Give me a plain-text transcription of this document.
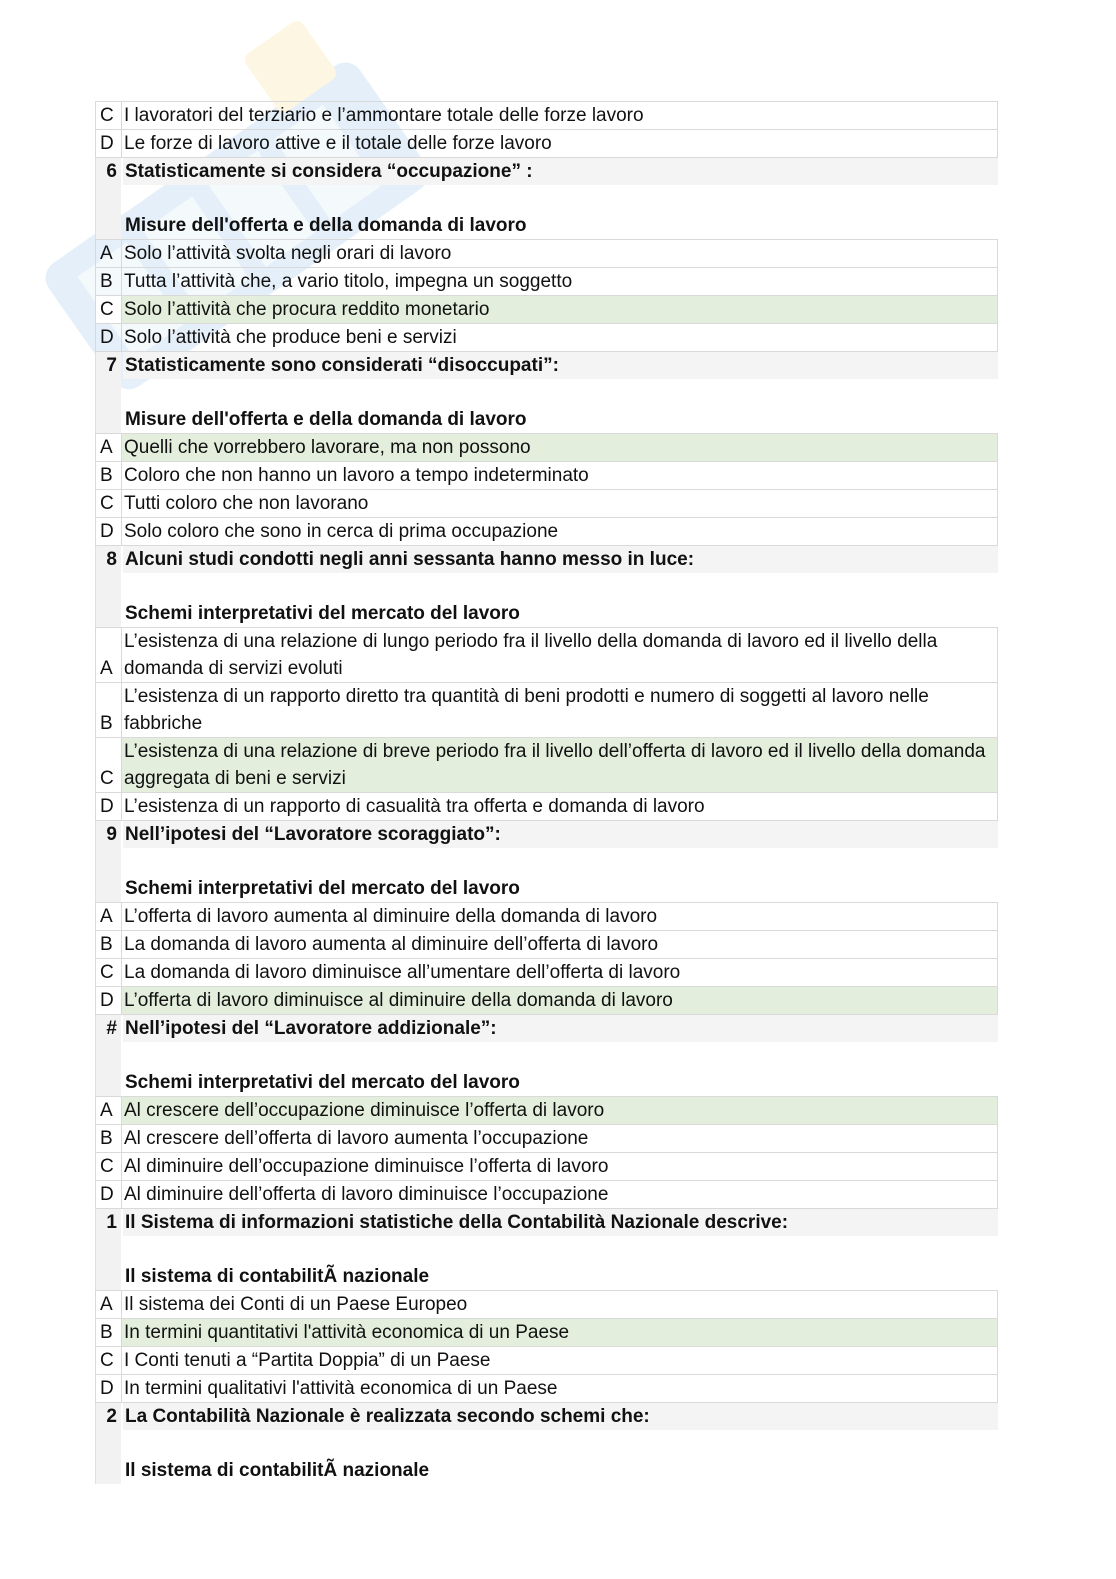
C I lavoratori del terziario e l’ammontare totale delle forze lavoro
D Le forze di lavoro attive e il totale delle forze lavoro
6 Statisticamente si considera “occupazione” :
Misure dell'offerta e della domanda di lavoro
A Solo l’attività svolta negli orari di lavoro
B Tutta l’attività che, a vario titolo, impegna un soggetto
C Solo l’attività che procura reddito monetario
D Solo l’attività che produce beni e servizi
7 Statisticamente sono considerati “disoccupati”:
Misure dell'offerta e della domanda di lavoro
A Quelli che vorrebbero lavorare, ma non possono
B Coloro che non hanno un lavoro a tempo indeterminato
C Tutti coloro che non lavorano
D Solo coloro che sono in cerca di prima occupazione
8 Alcuni studi condotti negli anni sessanta hanno messo in luce:
Schemi interpretativi del mercato del lavoro
A
L’esistenza di una relazione di lungo periodo fra il livello della domanda di lavoro ed il livello della domanda di servizi evoluti
B
L’esistenza di un rapporto diretto tra quantità di beni prodotti e numero di soggetti al lavoro nelle fabbriche
C
L’esistenza di una relazione di breve periodo fra il livello dell’offerta di lavoro ed il livello della domanda aggregata di beni e servizi
D L’esistenza di un rapporto di casualità tra offerta e domanda di lavoro
9 Nell’ipotesi del “Lavoratore scoraggiato”:
Schemi interpretativi del mercato del lavoro
A L’offerta di lavoro aumenta al diminuire della domanda di lavoro
B La domanda di lavoro aumenta al diminuire dell’offerta di lavoro
C La domanda di lavoro diminuisce all’umentare dell’offerta di lavoro
D L’offerta di lavoro diminuisce al diminuire della domanda di lavoro
# Nell’ipotesi del “Lavoratore addizionale”:
Schemi interpretativi del mercato del lavoro
A Al crescere dell’occupazione diminuisce l’offerta di lavoro
B Al crescere dell’offerta di lavoro aumenta l’occupazione
C Al diminuire dell’occupazione diminuisce l’offerta di lavoro
D Al diminuire dell’offerta di lavoro diminuisce l’occupazione
1 Il Sistema di informazioni statistiche della Contabilità Nazionale descrive:
Il sistema di contabilitÃ nazionale
A Il sistema dei Conti di un Paese Europeo
B In termini quantitativi l'attività economica di un Paese
C I Conti tenuti a “Partita Doppia” di un Paese
D In termini qualitativi l'attività economica di un Paese
2 La Contabilità Nazionale è realizzata secondo schemi che:
Il sistema di contabilitÃ nazionale
